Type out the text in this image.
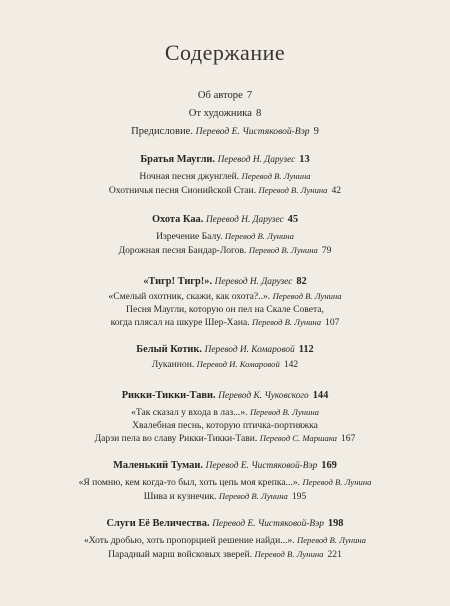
Содержание
Об авторе 7
От художника 8
Предисловие. Перевод Е. Чистяковой-Вэр 9
Братья Маугли. Перевод Н. Дарузес 13
Ночная песня джунглей. Перевод В. Лунина
Охотничья песня Сионийской Стаи. Перевод В. Лунина 42
Охота Каа. Перевод Н. Дарузес 45
Изречение Балу. Перевод В. Лунина
Дорожная песня Бандар-Логов. Перевод В. Лунина 79
«Тигр! Тигр!». Перевод Н. Дарузес 82
«Смелый охотник, скажи, как охота?..». Перевод В. Лунина
Песня Маугли, которую он пел на Скале Совета,
когда плясал на шкуре Шер-Хана. Перевод В. Лунина 107
Белый Котик. Перевод И. Комаровой 112
Луканнон. Перевод И. Комаровой 142
Рикки-Тикки-Тави. Перевод К. Чуковского 144
«Так сказал у входа в лаз...». Перевод В. Лунина
Хвалебная песнь, которую птичка-портняжка
Дарзи пела во славу Рикки-Тикки-Тави. Перевод С. Маршака 167
Маленький Тумаи. Перевод Е. Чистяковой-Вэр 169
«Я помню, кем когда-то был, хоть цепь моя крепка...». Перевод В. Лунина
Шива и кузнечик. Перевод В. Лунина 195
Слуги Её Величества. Перевод Е. Чистяковой-Вэр 198
«Хоть дробью, хоть пропорцией решение найди...». Перевод В. Лунина
Парадный марш войсковых зверей. Перевод В. Лунина 221
